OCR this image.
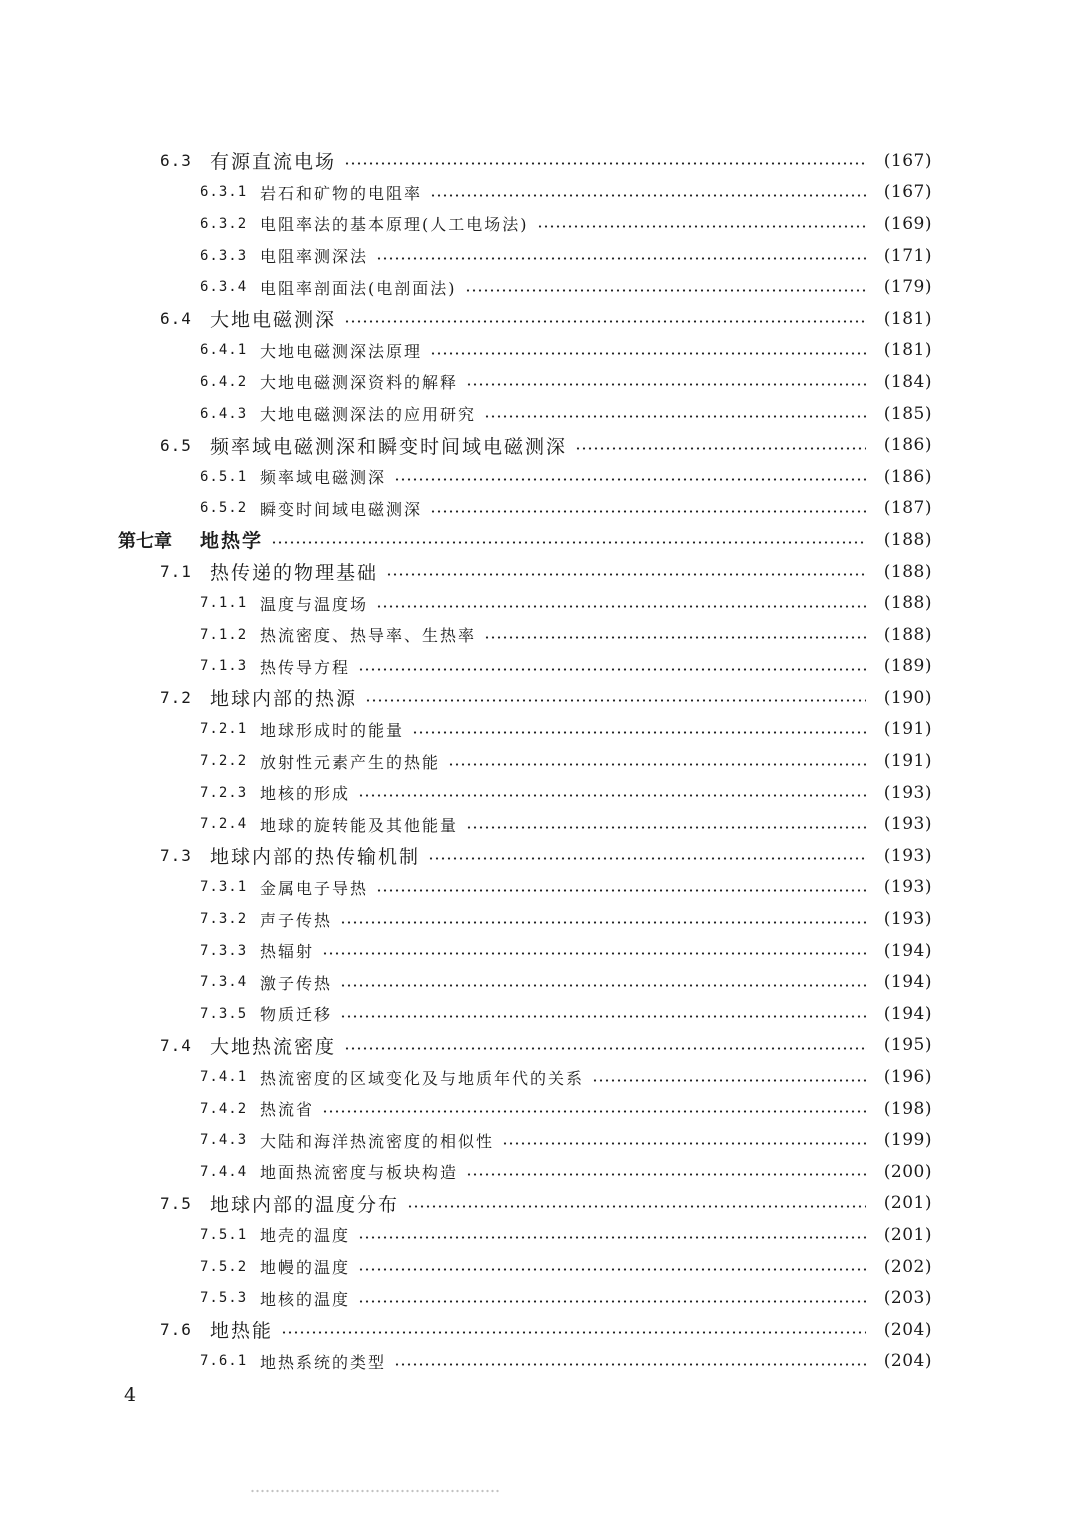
6.3 有源直流电场	(167)
6.3.1 岩石和矿物的电阻率	(167)
6.3.2 电阻率法的基本原理(人工电场法)	(169)
6.3.3 电阻率测深法	(171)
6.3.4 电阻率剖面法(电剖面法)	(179)
6.4 大地电磁测深	(181)
6.4.1 大地电磁测深法原理	(181)
6.4.2 大地电磁测深资料的解释	(184)
6.4.3 大地电磁测深法的应用研究	(185)
6.5 频率域电磁测深和瞬变时间域电磁测深	(186)
6.5.1 频率域电磁测深	(186)
6.5.2 瞬变时间域电磁测深	(187)
第七章	地热学	(188)
7.1 热传递的物理基础	(188)
7.1.1 温度与温度场	(188)
7.1.2 热流密度、热导率、生热率	(188)
7.1.3 热传导方程	(189)
7.2 地球内部的热源	(190)
7.2.1 地球形成时的能量	(191)
7.2.2 放射性元素产生的热能	(191)
7.2.3 地核的形成	(193)
7.2.4 地球的旋转能及其他能量	(193)
7.3 地球内部的热传输机制	(193)
7.3.1 金属电子导热	(193)
7.3.2 声子传热	(193)
7.3.3 热辐射	(194)
7.3.4 激子传热	(194)
7.3.5 物质迁移	(194)
7.4 大地热流密度	(195)
7.4.1 热流密度的区域变化及与地质年代的关系	(196)
7.4.2 热流省	(198)
7.4.3 大陆和海洋热流密度的相似性	(199)
7.4.4 地面热流密度与板块构造	(200)
7.5 地球内部的温度分布	(201)
7.5.1 地壳的温度	(201)
7.5.2 地幔的温度	(202)
7.5.3 地核的温度	(203)
7.6 地热能	(204)
7.6.1 地热系统的类型	(204)
4
